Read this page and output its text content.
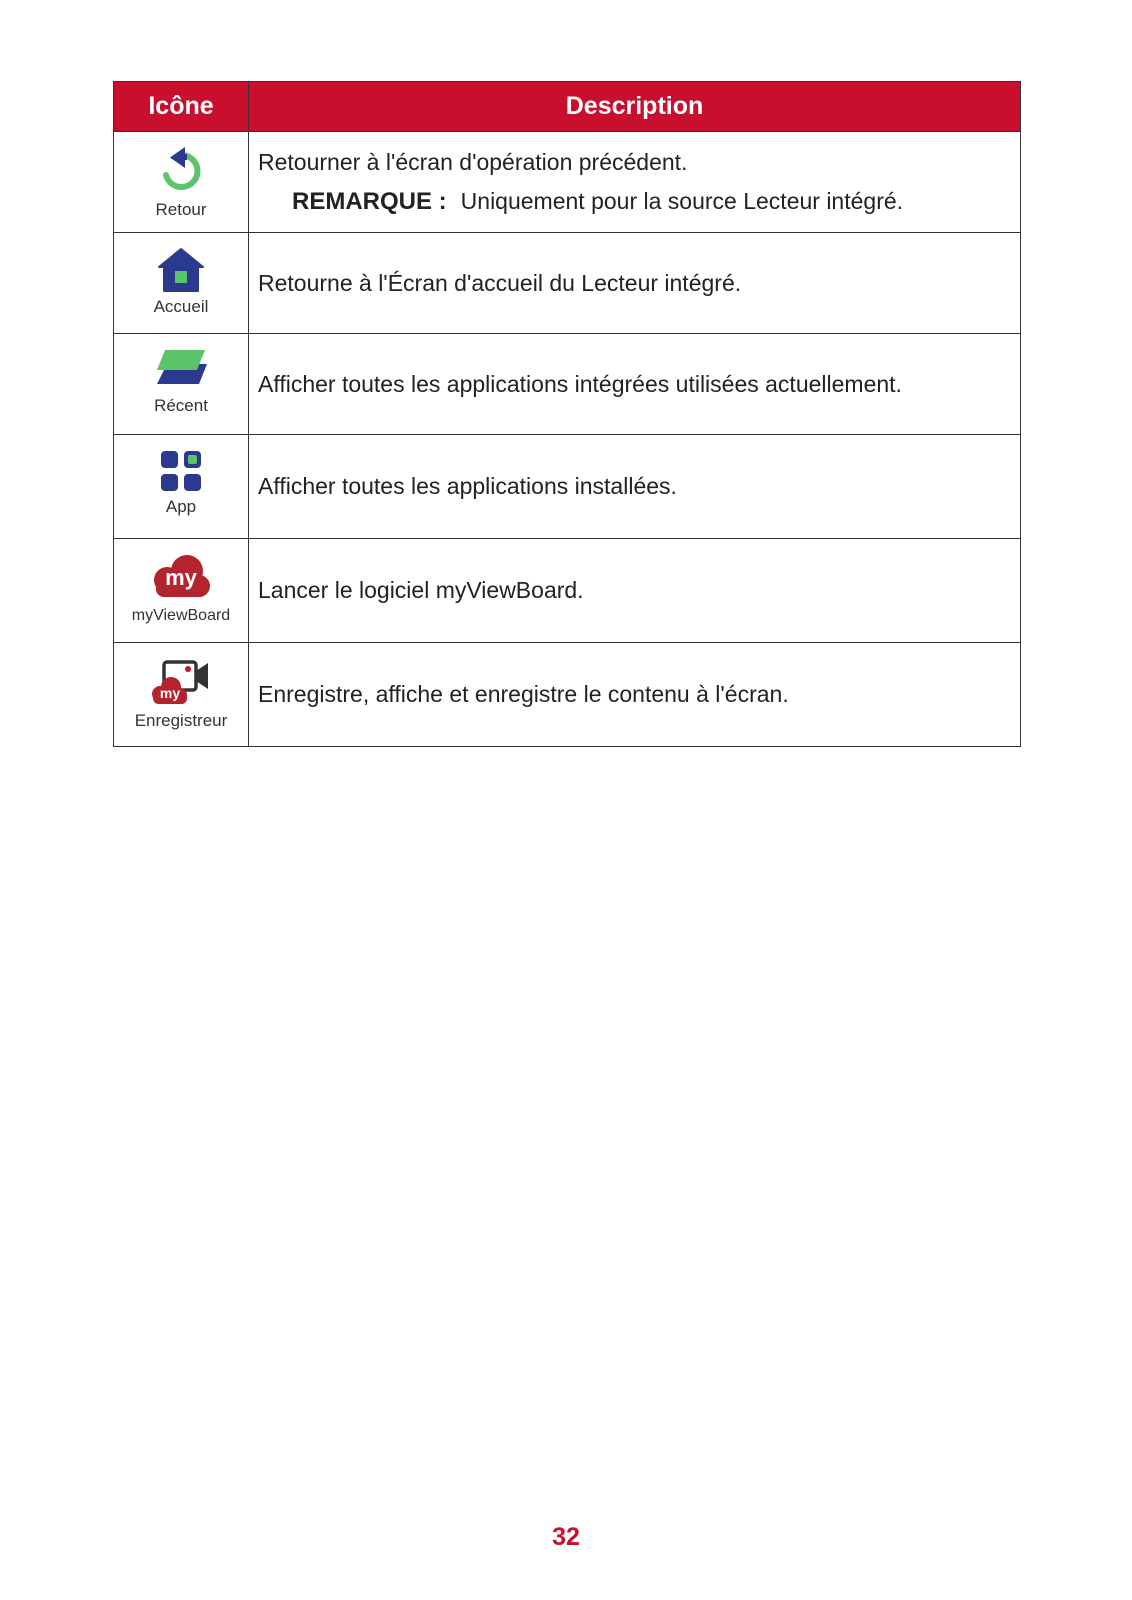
Icône	Description

Retour	Retourner à l'écran d'opération précédent.
REMARQUE : Uniquement pour la source Lecteur intégré.

Accueil	Retourne à l'Écran d'accueil du Lecteur intégré.

Récent	Afficher toutes les applications intégrées utilisées actuellement.

App	Afficher toutes les applications installées.

my
myViewBoard	Lancer le logiciel myViewBoard.

my
Enregistreur	Enregistre, affiche et enregistre le contenu à l'écran.
32
